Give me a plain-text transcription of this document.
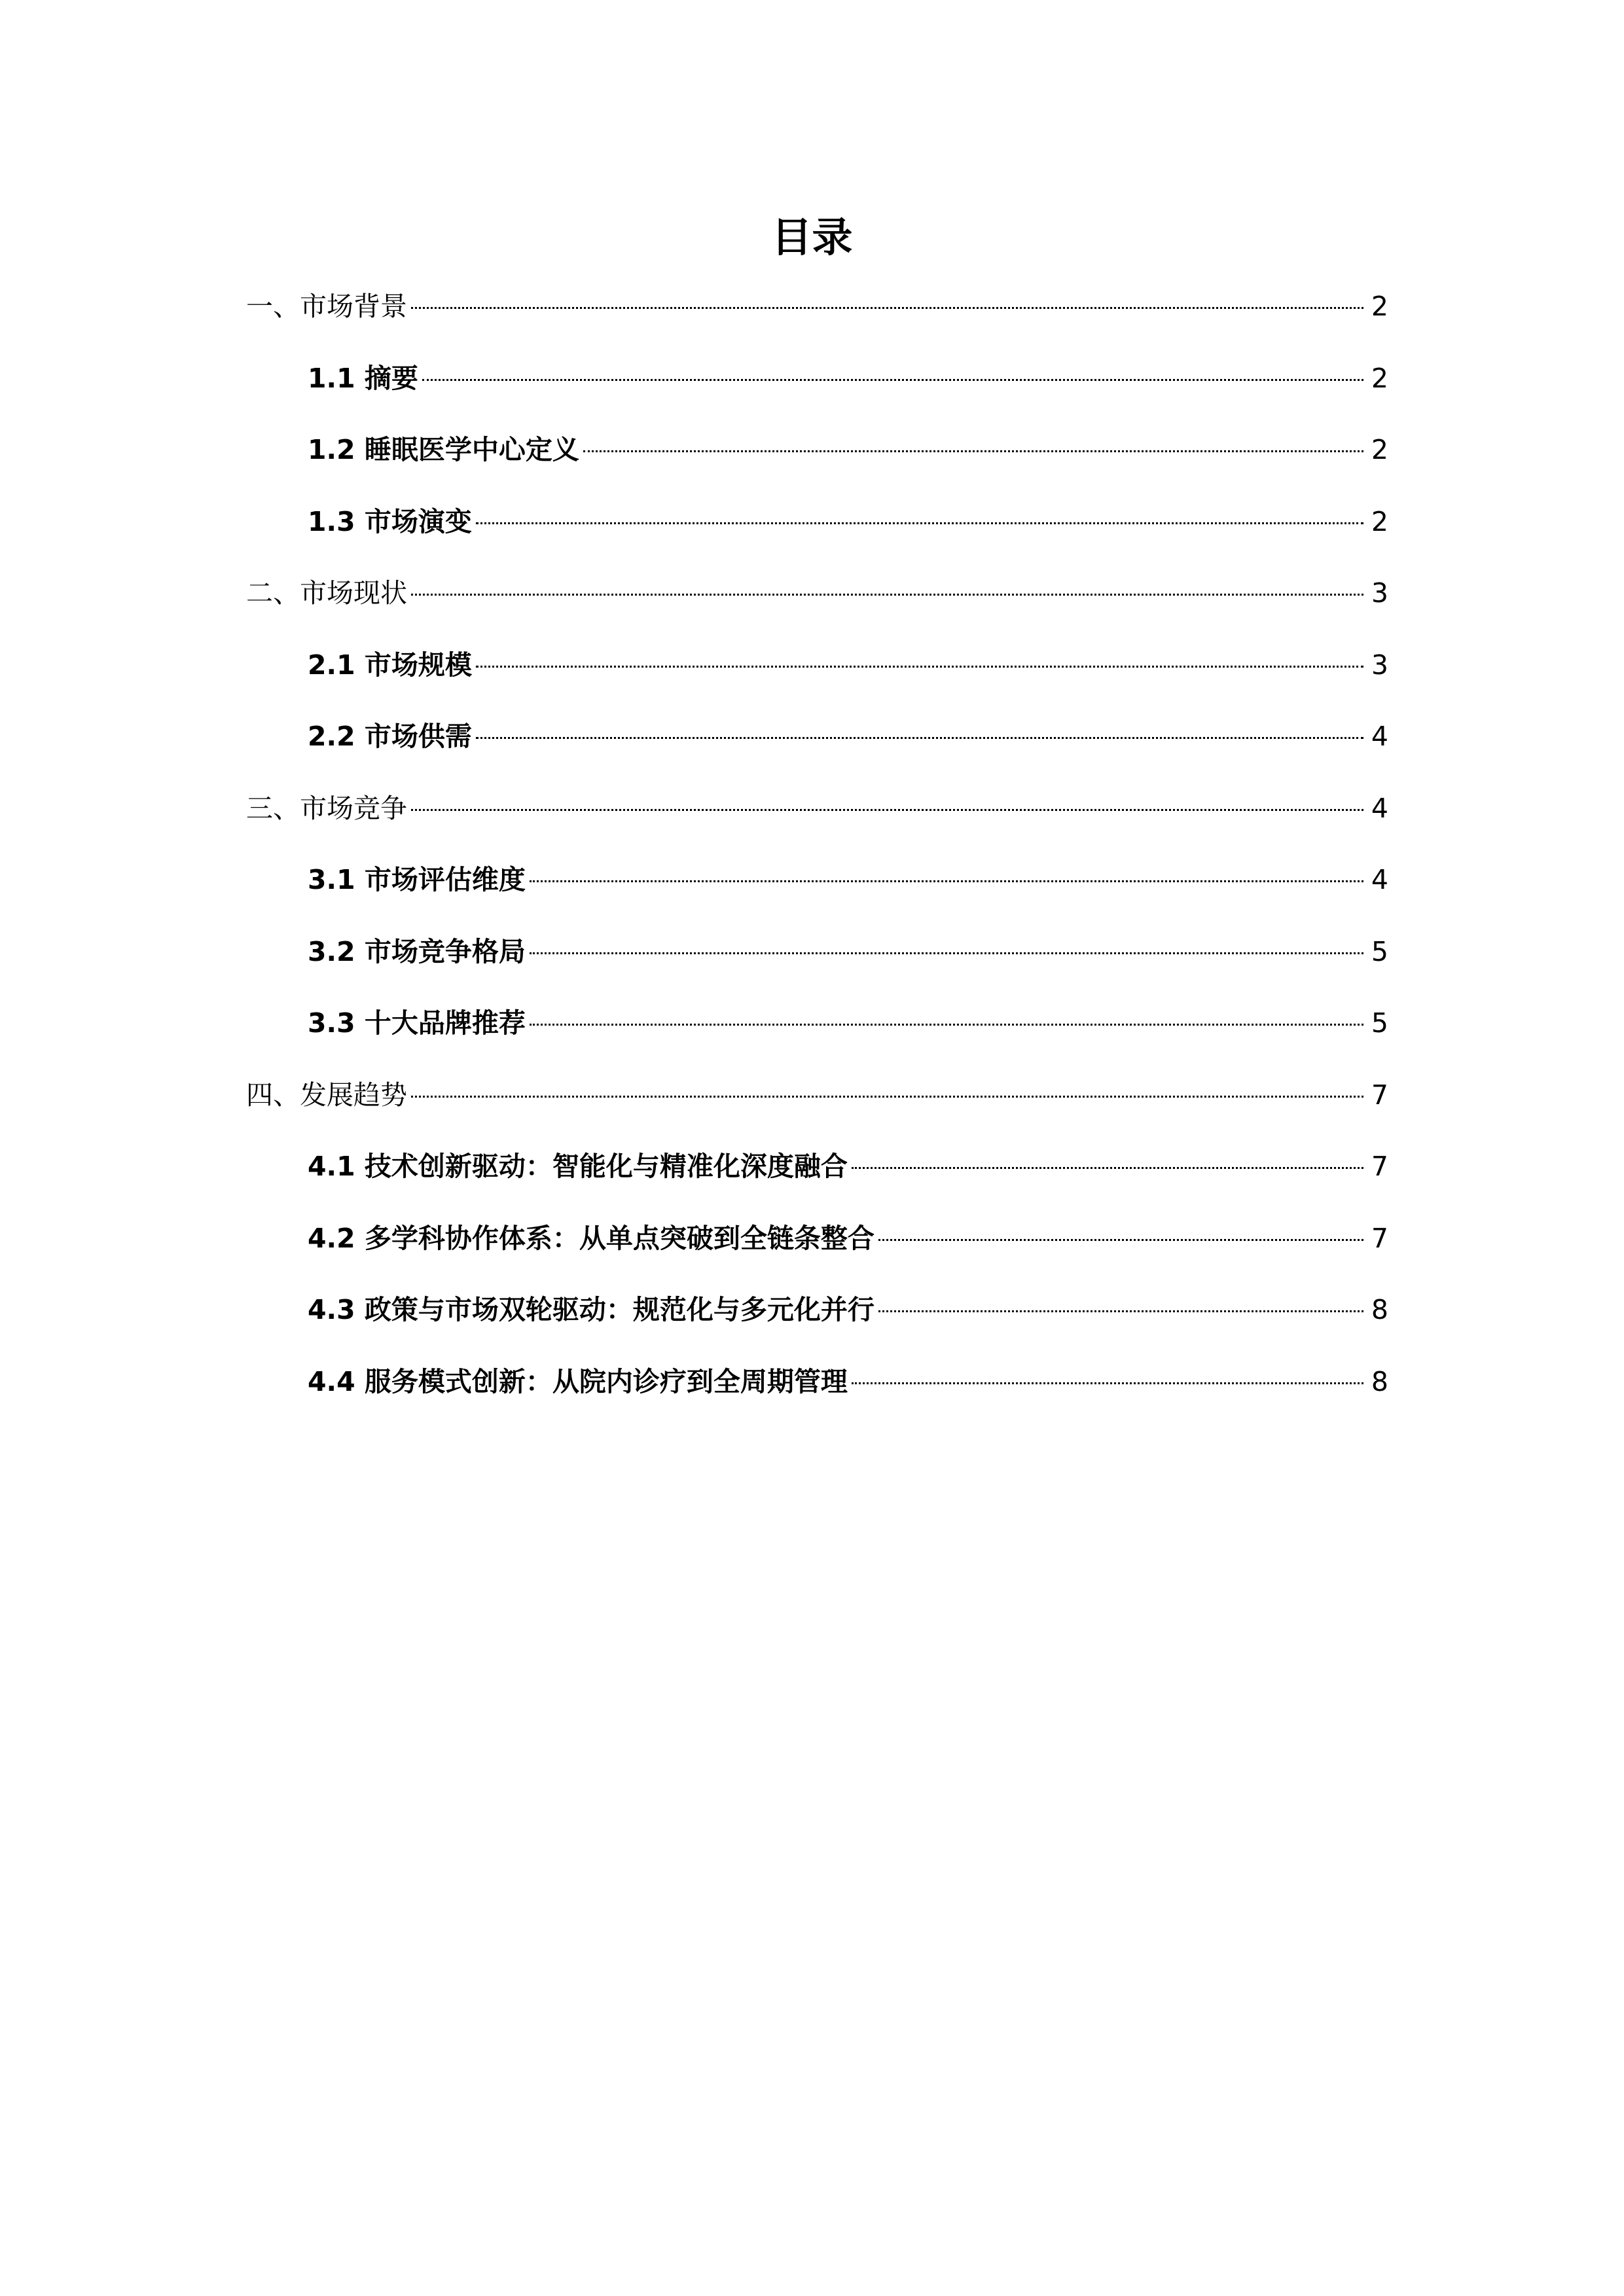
目录
一、市场背景	2
1.1 摘要	2
1.2 睡眠医学中心定义	2
1.3 市场演变	2
二、市场现状	3
2.1 市场规模	3
2.2 市场供需	4
三、市场竞争	4
3.1 市场评估维度	4
3.2 市场竞争格局	5
3.3 十大品牌推荐	5
四、发展趋势	7
4.1 技术创新驱动：智能化与精准化深度融合	7
4.2 多学科协作体系：从单点突破到全链条整合	7
4.3 政策与市场双轮驱动：规范化与多元化并行	8
4.4 服务模式创新：从院内诊疗到全周期管理	8
